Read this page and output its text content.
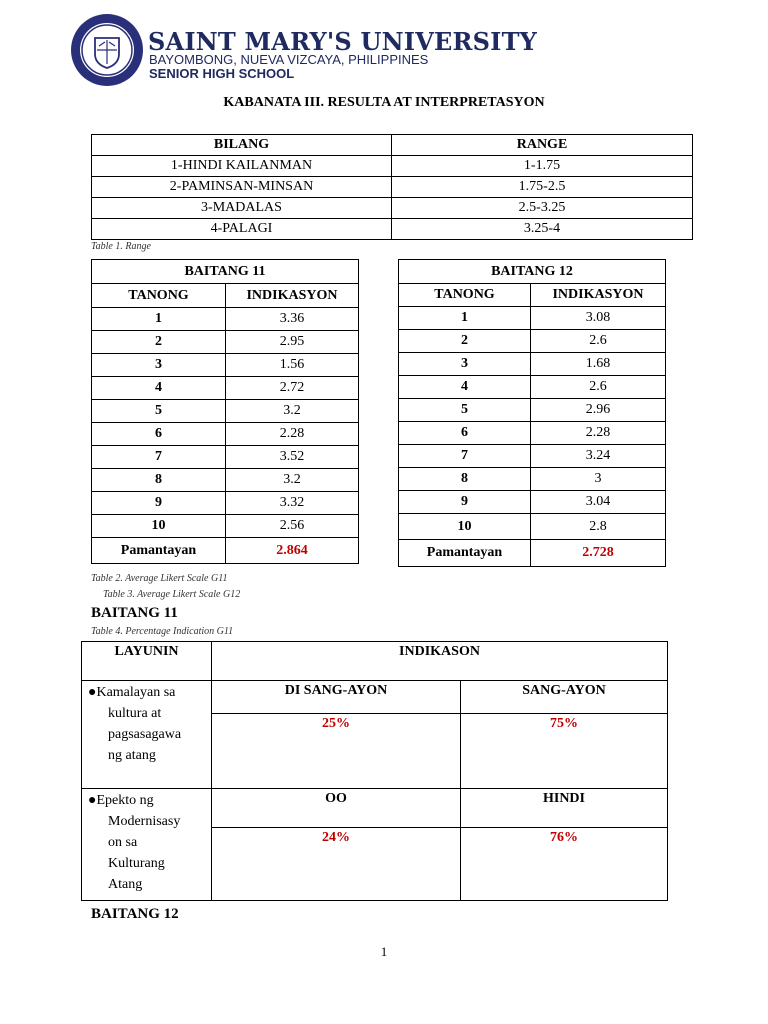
SAINT MARY'S UNIVERSITY
BAYOMBONG, NUEVA VIZCAYA, PHILIPPINES
SENIOR HIGH SCHOOL
KABANATA III. RESULTA AT INTERPRETASYON
BILANG	RANGE
1-HINDI KAILANMAN	1-1.75
2-PAMINSAN-MINSAN	1.75-2.5
3-MADALAS	2.5-3.25
4-PALAGI	3.25-4
Table 1. Range
BAITANG 11	
TANONG	INDIKASYON
1	3.36
2	2.95
3	1.56
4	2.72
5	3.2
6	2.28
7	3.52
8	3.2
9	3.32
10	2.56
Pamantayan	2.864
Table 2. Average Likert Scale G11
BAITANG 12	
TANONG	INDIKASYON
1	3.08
2	2.6
3	1.68
4	2.6
5	2.96
6	2.28
7	3.24
8	3
9	3.04
10	2.8
Pamantayan	2.728
Table 3. Average Likert Scale G12
BAITANG 11
Table 4. Percentage Indication G11
LAYUNIN	INDIKASON	

●Kamalayan sa
kultura at
pagsasagawa
ng atang	DI SANG-AYON	SANG-AYON
	25%	75%

●Epekto ng
Modernisasy
on sa
Kulturang
Atang	OO	HINDI
	24%	76%
BAITANG 12
1
